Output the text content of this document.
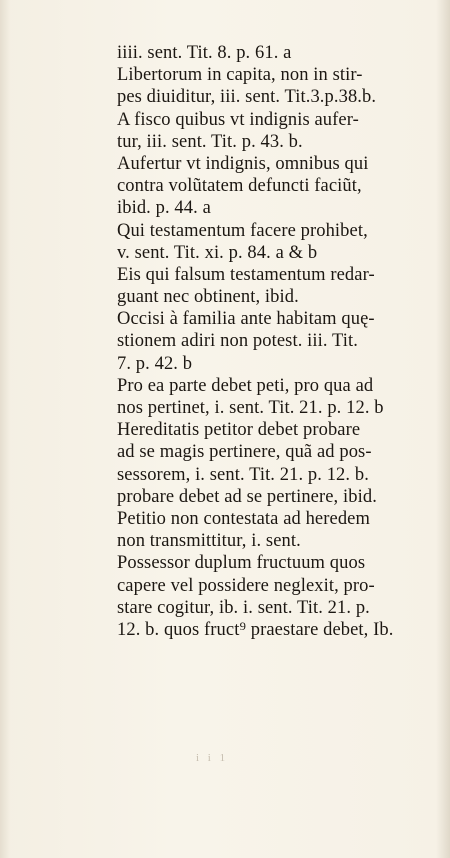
iiii. sent. Tit. 8. p. 61. a
Libertorum in capita, non in stir-
pes diuiditur, iii. sent. Tit.3.p.38.b.
A fisco quibus vt indignis aufer-
tur, iii. sent. Tit. p. 43. b.
Aufertur vt indignis, omnibus qui
contra volũtatem defuncti faciũt,
ibid. p. 44. a
Qui testamentum facere prohibet,
v. sent. Tit. xi. p. 84. a & b
Eis qui falsum testamentum redar-
guant nec obtinent, ibid.
Occisi à familia ante habitam quę-
stionem adiri non potest. iii. Tit.
7. p. 42. b
Pro ea parte debet peti, pro qua ad
nos pertinet, i. sent. Tit. 21. p. 12. b
Hereditatis petitor debet probare
ad se magis pertinere, quã ad pos-
sessorem, i. sent. Tit. 21. p. 12. b.
probare debet ad se pertinere, ibid.
Petitio non contestata ad heredem
non transmittitur, i. sent.
Possessor duplum fructuum quos
capere vel possidere neglexit, pro-
stare cogitur, ib. i. sent. Tit. 21. p.
12. b. quos fruct⁹ praestare debet, Ib.
i i 1
